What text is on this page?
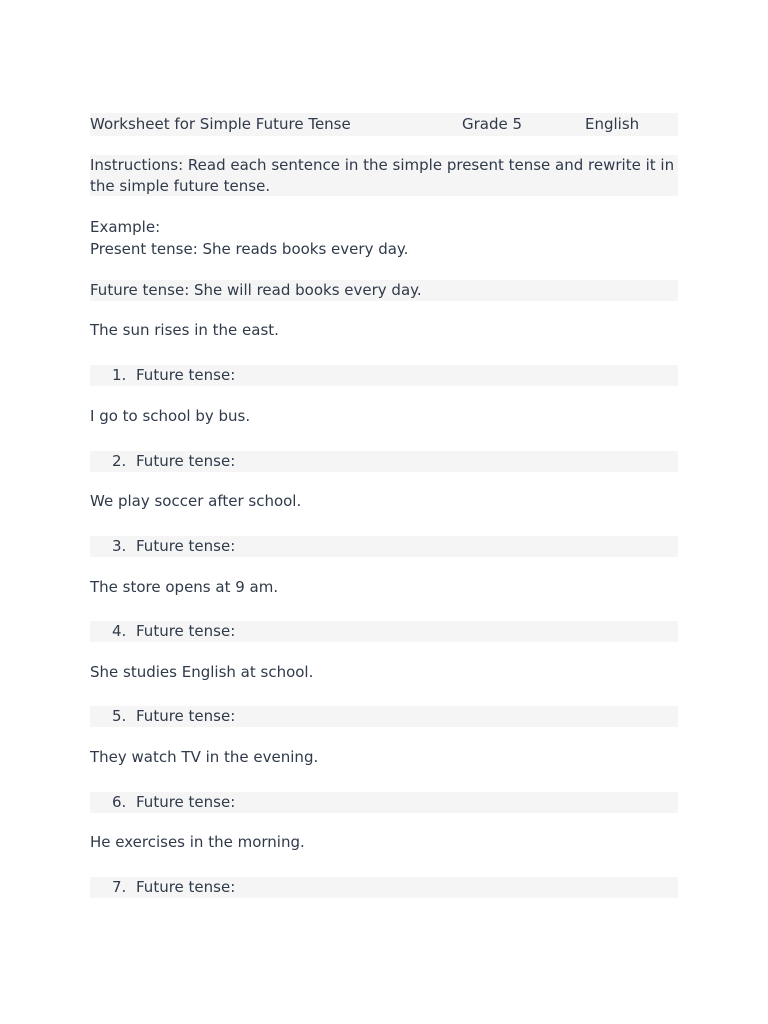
Worksheet for Simple Future Tense	Grade 5	English
Instructions: Read each sentence in the simple present tense and rewrite it in the simple future tense.
Example:
Present tense: She reads books every day.
Future tense: She will read books every day.
The sun rises in the east.
1. Future tense:
I go to school by bus.
2. Future tense:
We play soccer after school.
3. Future tense:
The store opens at 9 am.
4. Future tense:
She studies English at school.
5. Future tense:
They watch TV in the evening.
6. Future tense:
He exercises in the morning.
7. Future tense:
